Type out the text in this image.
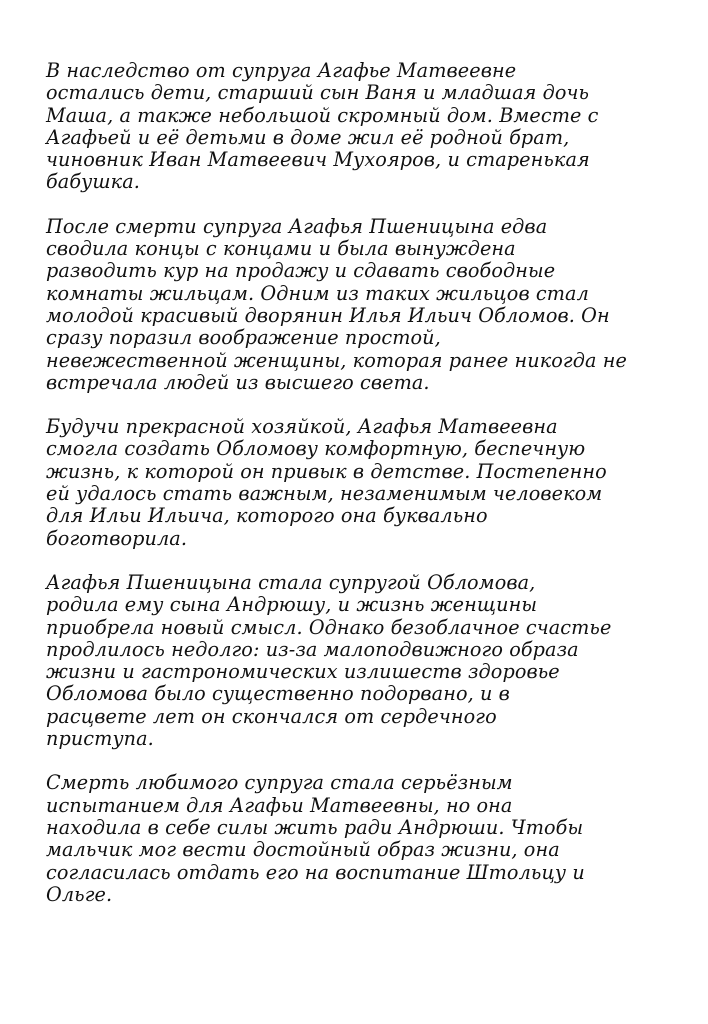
В наследство от супруга Агафье Матвеевне
остались дети, старший сын Ваня и младшая дочь
Маша, а также небольшой скромный дом. Вместе с
Агафьей и её детьми в доме жил её родной брат,
чиновник Иван Матвеевич Мухояров, и старенькая
бабушка.

После смерти супруга Агафья Пшеницына едва
сводила концы с концами и была вынуждена
разводить кур на продажу и сдавать свободные
комнаты жильцам. Одним из таких жильцов стал
молодой красивый дворянин Илья Ильич Обломов. Он
сразу поразил воображение простой,
невежественной женщины, которая ранее никогда не
встречала людей из высшего света.

Будучи прекрасной хозяйкой, Агафья Матвеевна
смогла создать Обломову комфортную, беспечную
жизнь, к которой он привык в детстве. Постепенно
ей удалось стать важным, незаменимым человеком
для Ильи Ильича, которого она буквально
боготворила.

Агафья Пшеницына стала супругой Обломова,
родила ему сына Андрюшу, и жизнь женщины
приобрела новый смысл. Однако безоблачное счастье
продлилось недолго: из-за малоподвижного образа
жизни и гастрономических излишеств здоровье
Обломова было существенно подорвано, и в
расцвете лет он скончался от сердечного
приступа.

Смерть любимого супруга стала серьёзным
испытанием для Агафьи Матвеевны, но она
находила в себе силы жить ради Андрюши. Чтобы
мальчик мог вести достойный образ жизни, она
согласилась отдать его на воспитание Штольцу и
Ольге.
